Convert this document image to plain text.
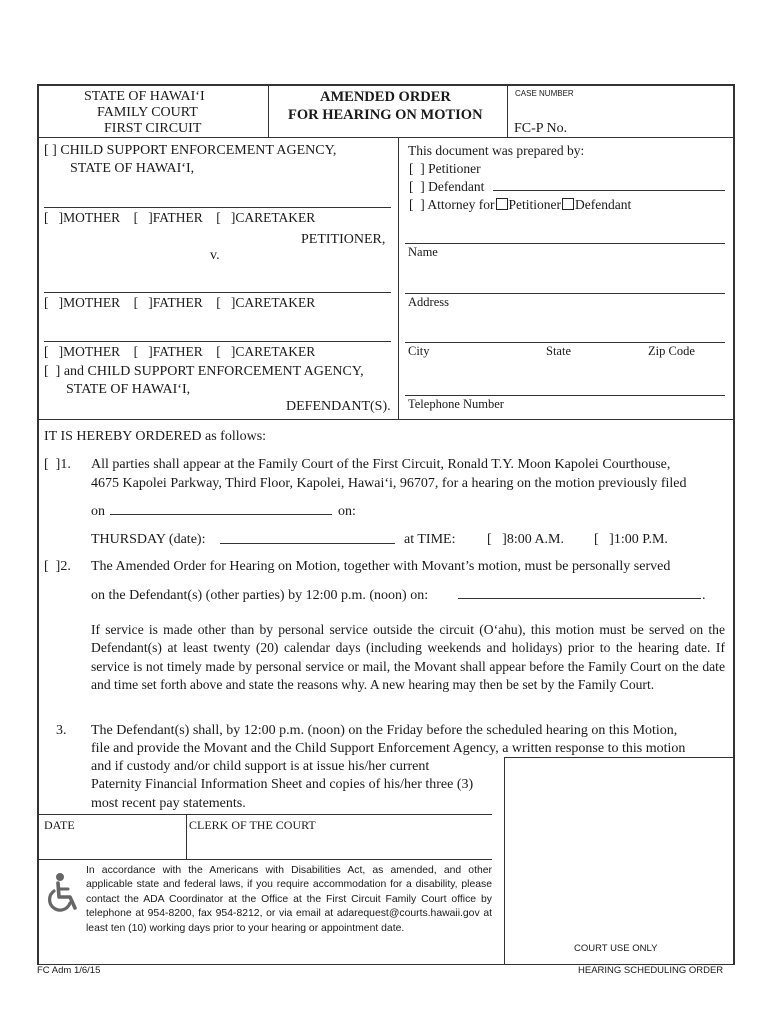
STATE OF HAWAI‘I
FAMILY COURT
FIRST CIRCUIT
AMENDED ORDER
FOR HEARING ON MOTION
CASE NUMBER
FC-P No.
[ ] CHILD SUPPORT ENFORCEMENT AGENCY,
STATE OF HAWAI‘I,
[   ]MOTHER [   ]FATHER [   ]CARETAKER
PETITIONER,
v.
[   ]MOTHER [   ]FATHER [   ]CARETAKER
[   ]MOTHER [   ]FATHER [   ]CARETAKER
[  ] and CHILD SUPPORT ENFORCEMENT AGENCY,
STATE OF HAWAI‘I,
DEFENDANT(S).
This document was prepared by:
[  ] Petitioner
[  ] Defendant
[  ] Attorney for Petitioner Defendant
Name
Address
City	State	Zip Code
Telephone Number
IT IS HEREBY ORDERED as follows:
[  ]1. All parties shall appear at the Family Court of the First Circuit, Ronald T.Y. Moon Kapolei Courthouse,
4675 Kapolei Parkway, Third Floor, Kapolei, Hawai‘i, 96707, for a hearing on the motion previously filed
on	on:
THURSDAY (date):	at TIME: [   ]8:00 A.M. [   ]1:00 P.M.
[  ]2. The Amended Order for Hearing on Motion, together with Movant’s motion, must be personally served
on the Defendant(s) (other parties) by 12:00 p.m. (noon) on:	.

If service is made other than by personal service outside the circuit (O‘ahu), this motion must be served on the Defendant(s) at least twenty (20) calendar days (including weekends and holidays) prior to the hearing date. If service is not timely made by personal service or mail, the Movant shall appear before the Family Court on the date and time set forth above and state the reasons why. A new hearing may then be set by the Family Court.

3. The Defendant(s) shall, by 12:00 p.m. (noon) on the Friday before the scheduled hearing on this Motion,
file and provide the Movant and the Child Support Enforcement Agency, a written response to this motion
and if custody and/or child support is at issue his/her current
Paternity Financial Information Sheet and copies of his/her three (3)
most recent pay statements.
DATE	CLERK OF THE COURT
COURT USE ONLY

In accordance with the Americans with Disabilities Act, as amended, and other applicable state and federal laws, if you require accommodation for a disability, please contact the ADA Coordinator at the Office at the First Circuit Family Court office by telephone at 954-8200, fax 954-8212, or via email at adarequest@courts.hawaii.gov at least ten (10) working days prior to your hearing or appointment date.

FC Adm 1/6/15	HEARING SCHEDULING ORDER
